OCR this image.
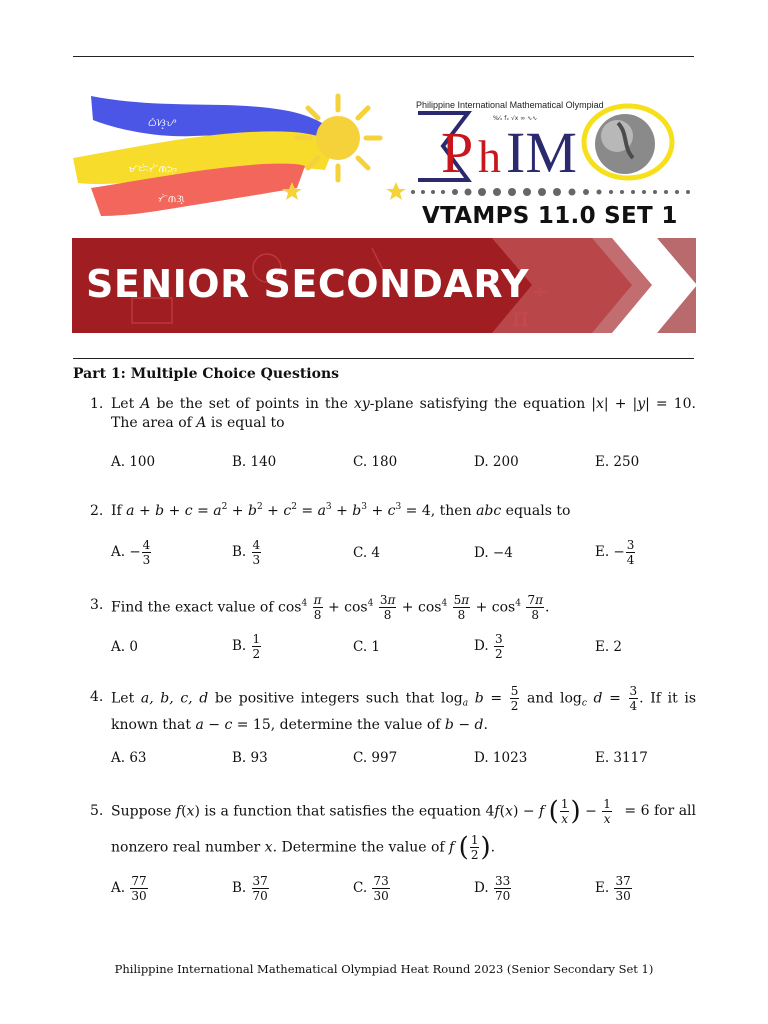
ᜊᜒᜐ᜔ᜌ
ᜋᜇᜒᜆᜒᜈᜅᜓ
ᜆᜒᜈᜄ᜔
P h IM
%⁄ₓ fₓ √x ∞ ∿∿
Philippine International Mathematical Olympiad
VTAMPS 11.0 SET 1
÷
π
SENIOR SECONDARY
Part 1: Multiple Choice Questions
1. Let A be the set of points in the xy-plane satisfying the equation |x| + |y| = 10. The area of A is equal to
A. 100	B. 140	C. 180	D. 200	E. 250
2. If $a + b + c = a^2 + b^2 + c^2 = a^3 + b^3 + c^3 = 4$, then abc equals to
A. − $\frac{4}{3}$	B. $\frac{4}{3}$	C. 4	D. −4	E. − $\frac{3}{4}$
3. Find the exact value of $\cos^4 \frac{\pi}{8} + \cos^4 \frac{3\pi}{8} + \cos^4 \frac{5\pi}{8} + \cos^4 \frac{7\pi}{8}$ .
A. 0	B. $\frac{1}{2}$	C. 1	D. $\frac{3}{2}$	E. 2
4. Let a, b, c, d be positive integers such that $\log_a b = \frac{5}{2}$ and $\log_c d = \frac{3}{4}$ . If it is known that a − c = 15, determine the value of b − d.
A. 63	B. 93	C. 997	D. 1023	E. 3117
5. Suppose f(x) is a function that satisfies the equation 4f(x) − f ( $\frac{1}{x}$ ) − $\frac{1}{x} = 6$ for all
nonzero real number x. Determine the value of f ( $\frac{1}{2}$ ).
A. $\frac{77}{30}$	B. $\frac{37}{70}$	C. $\frac{73}{30}$	D. $\frac{33}{70}$	E. $\frac{37}{30}$
Philippine International Mathematical Olympiad Heat Round 2023 (Senior Secondary Set 1)
